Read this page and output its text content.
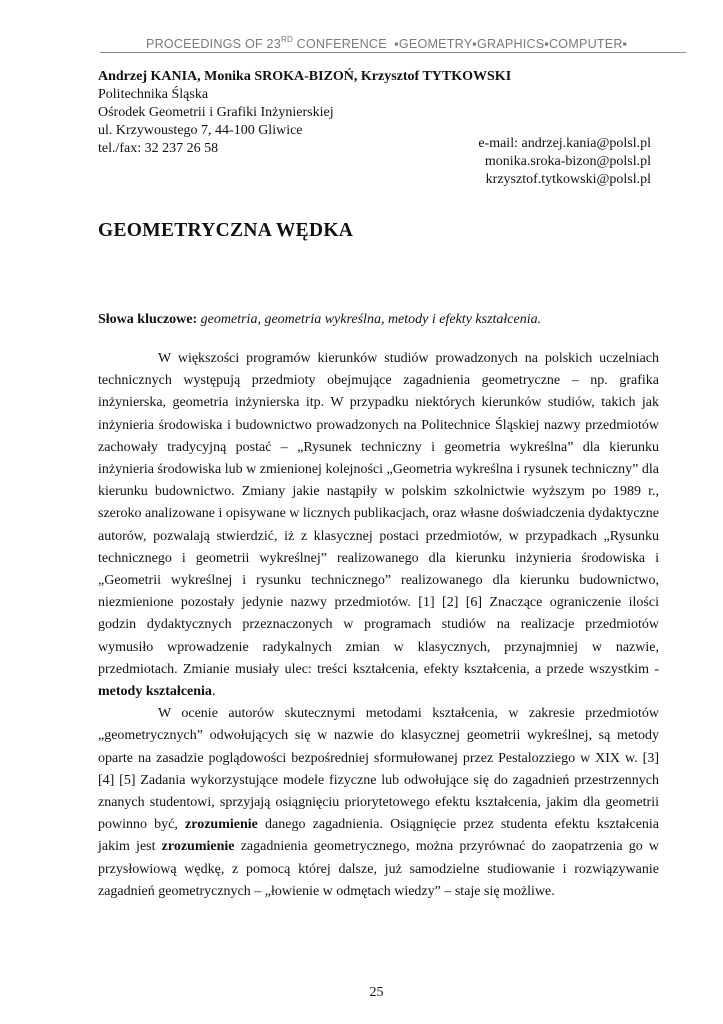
PROCEEDINGS OF 23RD CONFERENCE  ▪GEOMETRY▪GRAPHICS▪COMPUTER▪
Andrzej KANIA, Monika SROKA-BIZOŃ, Krzysztof TYTKOWSKI
Politechnika Śląska
Ośrodek Geometrii i Grafiki Inżynierskiej
ul. Krzywoustego 7, 44-100 Gliwice
tel./fax: 32 237 26 58	e-mail: andrzej.kania@polsl.pl
monika.sroka-bizon@polsl.pl
krzysztof.tytkowski@polsl.pl
GEOMETRYCZNA WĘDKA
Słowa kluczowe: geometria, geometria wykreślna, metody i efekty kształcenia.

W większości programów kierunków studiów prowadzonych na polskich uczelniach technicznych występują przedmioty obejmujące zagadnienia geometryczne – np. grafika inżynierska, geometria inżynierska itp. W przypadku niektórych kierunków studiów, takich jak inżynieria środowiska i budownictwo prowadzonych na Politechnice Śląskiej nazwy przedmiotów zachowały tradycyjną postać – „Rysunek techniczny i geometria wykreślna” dla kierunku inżynieria środowiska lub w zmienionej kolejności „Geometria wykreślna i rysunek techniczny” dla kierunku budownictwo. Zmiany jakie nastąpiły w polskim szkolnictwie wyższym po 1989 r., szeroko analizowane i opisywane w licznych publikacjach, oraz własne doświadczenia dydaktyczne autorów, pozwalają stwierdzić, iż z klasycznej postaci przedmiotów, w przypadkach „Rysunku technicznego i geometrii wykreślnej” realizowanego dla kierunku inżynieria środowiska i „Geometrii wykreślnej i rysunku technicznego” realizowanego dla kierunku budownictwo, niezmienione pozostały jedynie nazwy przedmiotów. [1] [2] [6] Znaczące ograniczenie ilości godzin dydaktycznych przeznaczonych w programach studiów na realizacje przedmiotów wymusiło wprowadzenie radykalnych zmian w klasycznych, przynajmniej w nazwie, przedmiotach. Zmianie musiały ulec: treści kształcenia, efekty kształcenia, a przede wszystkim - metody kształcenia.

W ocenie autorów skutecznymi metodami kształcenia, w zakresie przedmiotów „geometrycznych” odwołujących się w nazwie do klasycznej geometrii wykreślnej, są metody oparte na zasadzie poglądowości bezpośredniej sformułowanej przez Pestalozziego w XIX w. [3] [4] [5] Zadania wykorzystujące modele fizyczne lub odwołujące się do zagadnień przestrzennych znanych studentowi, sprzyjają osiągnięciu priorytetowego efektu kształcenia, jakim dla geometrii powinno być, zrozumienie danego zagadnienia. Osiągnięcie przez studenta efektu kształcenia jakim jest zrozumienie zagadnienia geometrycznego, można przyrównać do zaopatrzenia go w przysłowiową wędkę, z pomocą której dalsze, już samodzielne studiowanie i rozwiązywanie zagadnień geometrycznych – „łowienie w odmętach wiedzy” – staje się możliwe.

25
